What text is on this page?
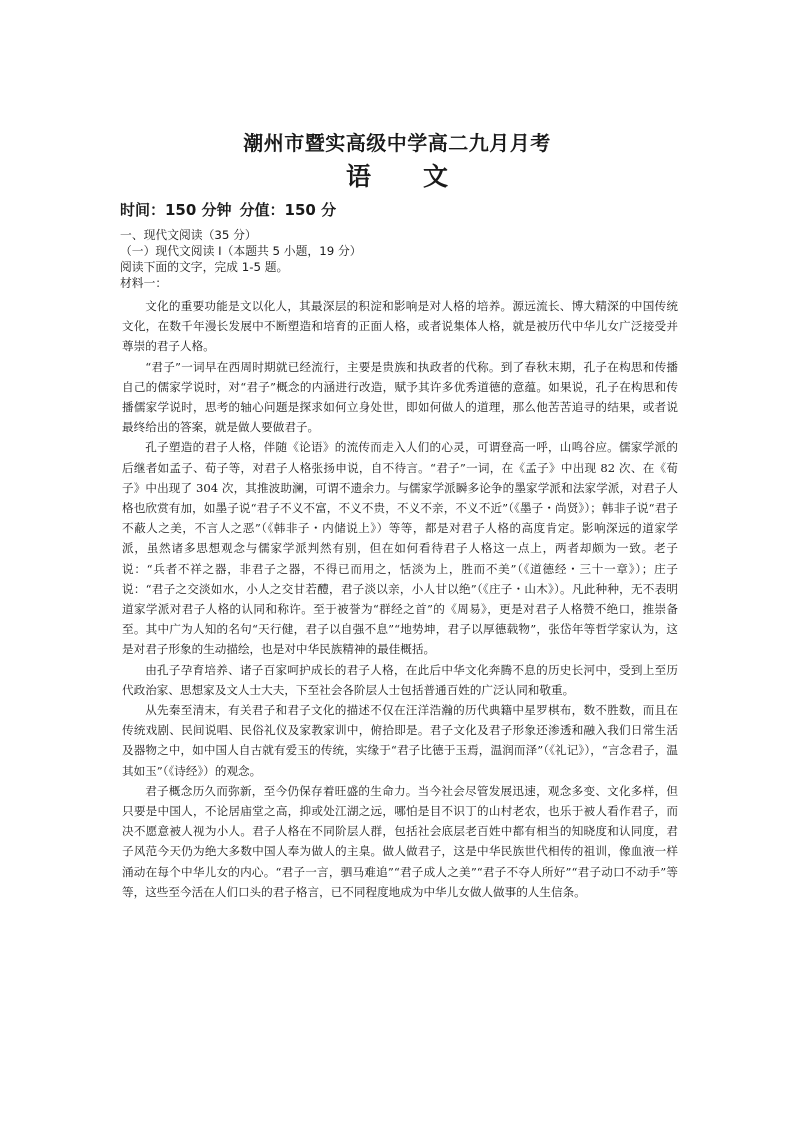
潮州市暨实高级中学高二九月月考
语文
时间：150 分钟 分值：150 分
一、现代文阅读（35 分）
（一）现代文阅读 I（本题共 5 小题，19 分）
阅读下面的文字，完成 1-5 题。
材料一：

文化的重要功能是文以化人，其最深层的积淀和影响是对人格的培养。源远流长、博大精深的中国传统文化，在数千年漫长发展中不断塑造和培育的正面人格，或者说集体人格，就是被历代中华儿女广泛接受并尊崇的君子人格。

“君子”一词早在西周时期就已经流行，主要是贵族和执政者的代称。到了春秋末期，孔子在构思和传播自己的儒家学说时，对“君子”概念的内涵进行改造，赋予其许多优秀道德的意蕴。如果说，孔子在构思和传播儒家学说时，思考的轴心问题是探求如何立身处世，即如何做人的道理，那么他苦苦追寻的结果，或者说最终给出的答案，就是做人要做君子。

孔子塑造的君子人格，伴随《论语》的流传而走入人们的心灵，可谓登高一呼，山鸣谷应。儒家学派的后继者如孟子、荀子等，对君子人格张扬申说，自不待言。“君子”一词，在《孟子》中出现 82 次、在《荀子》中出现了 304 次，其推波助澜，可谓不遗余力。与儒家学派瞬多论争的墨家学派和法家学派，对君子人格也欣赏有加，如墨子说“君子不义不富，不义不贵，不义不亲，不义不近”（《墨子・尚贤》）；韩非子说“君子不蔽人之美，不言人之恶”（《韩非子・内储说上》）等等，都是对君子人格的高度肯定。影响深远的道家学派，虽然诸多思想观念与儒家学派判然有别，但在如何看待君子人格这一点上，两者却颇为一致。老子说：“兵者不祥之器，非君子之器，不得已而用之，恬淡为上，胜而不美”（《道德经・三十一章》）；庄子说：“君子之交淡如水，小人之交甘若醴，君子淡以亲，小人甘以绝”（《庄子・山木》）。凡此种种，无不表明道家学派对君子人格的认同和称许。至于被誉为“群经之首”的《周易》，更是对君子人格赞不绝口，推崇备至。其中广为人知的名句“天行健，君子以自强不息”“地势坤，君子以厚德载物”，张岱年等哲学家认为，这是对君子形象的生动描绘，也是对中华民族精神的最佳概括。

由孔子孕育培养、诸子百家呵护成长的君子人格，在此后中华文化奔腾不息的历史长河中，受到上至历代政治家、思想家及文人士大夫，下至社会各阶层人士包括普通百姓的广泛认同和敬重。

从先秦至清末，有关君子和君子文化的描述不仅在汪洋浩瀚的历代典籍中星罗棋布，数不胜数，而且在传统戏剧、民间说唱、民俗礼仪及家教家训中，俯拾即是。君子文化及君子形象还渗透和融入我们日常生活及器物之中，如中国人自古就有爱玉的传统，实缘于“君子比德于玉焉，温润而泽”（《礼记》），“言念君子，温其如玉”（《诗经》）的观念。

君子概念历久而弥新，至今仍保存着旺盛的生命力。当今社会尽管发展迅速，观念多变、文化多样，但只要是中国人，不论居庙堂之高，抑或处江湖之远，哪怕是目不识丁的山村老农，也乐于被人看作君子，而决不愿意被人视为小人。君子人格在不同阶层人群，包括社会底层老百姓中都有相当的知晓度和认同度，君子风范今天仍为绝大多数中国人奉为做人的主臬。做人做君子，这是中华民族世代相传的祖训，像血液一样涌动在每个中华儿女的内心。“君子一言，驷马难追”“君子成人之美”“君子不夺人所好”“君子动口不动手”等等，这些至今活在人们口头的君子格言，已不同程度地成为中华儿女做人做事的人生信条。
